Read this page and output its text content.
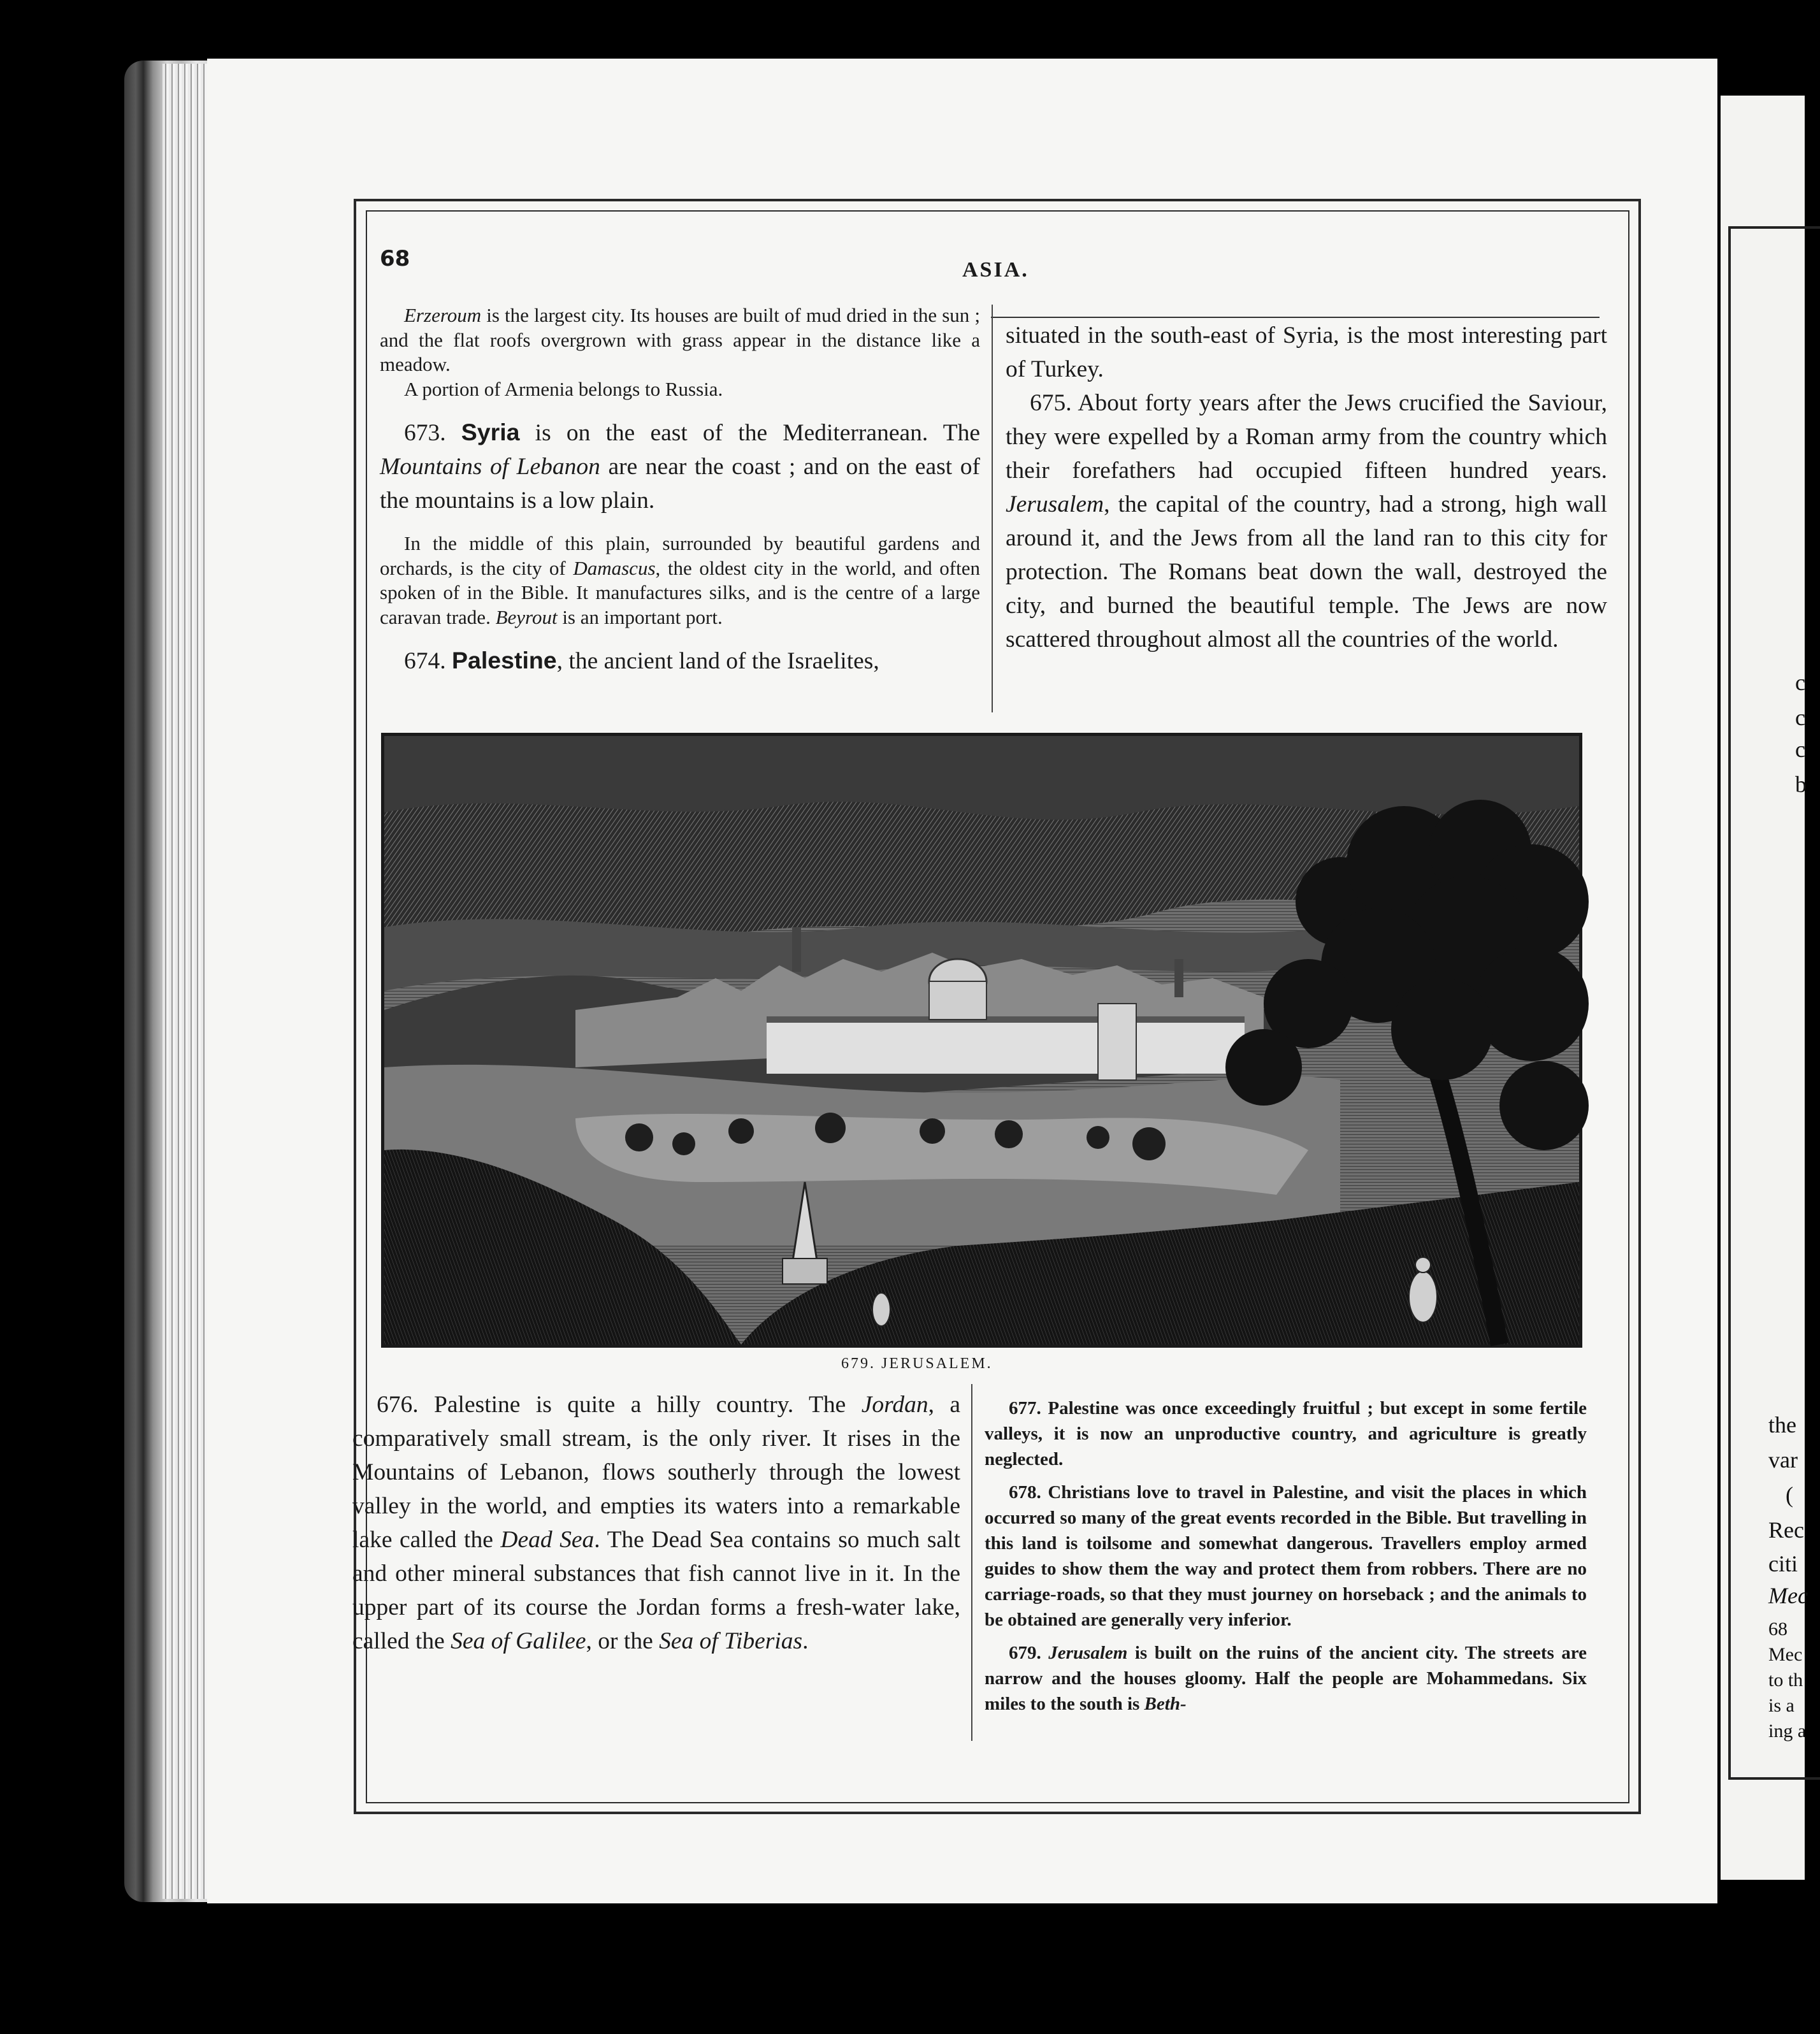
c
c
c
b
the
var
(
Rec
citi
Mec
68
Mec
to th
is a
ing a
68	ASIA.

Erzeroum is the largest city. Its houses are built of mud dried in the sun ; and the flat roofs overgrown with grass appear in the distance like a meadow.

A portion of Armenia belongs to Russia.

673. Syria is on the east of the Mediterranean. The Mountains of Lebanon are near the coast ; and on the east of the mountains is a low plain.

In the middle of this plain, surrounded by beautiful gardens and orchards, is the city of Damascus, the oldest city in the world, and often spoken of in the Bible. It manufactures silks, and is the centre of a large caravan trade. Beyrout is an important port.

674. Palestine, the ancient land of the Israelites,

situated in the south-east of Syria, is the most interesting part of Turkey.

675. About forty years after the Jews crucified the Saviour, they were expelled by a Roman army from the country which their forefathers had occupied fifteen hundred years. Jerusalem, the capital of the country, had a strong, high wall around it, and the Jews from all the land ran to this city for protection. The Romans beat down the wall, destroyed the city, and burned the beautiful temple. The Jews are now scattered throughout almost all the countries of the world.

679. JERUSALEM.

676. Palestine is quite a hilly country. The Jordan, a comparatively small stream, is the only river. It rises in the Mountains of Lebanon, flows southerly through the lowest valley in the world, and empties its waters into a remarkable lake called the Dead Sea. The Dead Sea contains so much salt and other mineral substances that fish cannot live in it. In the upper part of its course the Jordan forms a fresh-water lake, called the Sea of Galilee, or the Sea of Tiberias.

677. Palestine was once exceedingly fruitful ; but except in some fertile valleys, it is now an unproductive country, and agriculture is greatly neglected.

678. Christians love to travel in Palestine, and visit the places in which occurred so many of the great events recorded in the Bible. But travelling in this land is toilsome and somewhat dangerous. Travellers employ armed guides to show them the way and protect them from robbers. There are no carriage-roads, so that they must journey on horseback ; and the animals to be obtained are generally very inferior.

679. Jerusalem is built on the ruins of the ancient city. The streets are narrow and the houses gloomy. Half the people are Mohammedans. Six miles to the south is Beth-
